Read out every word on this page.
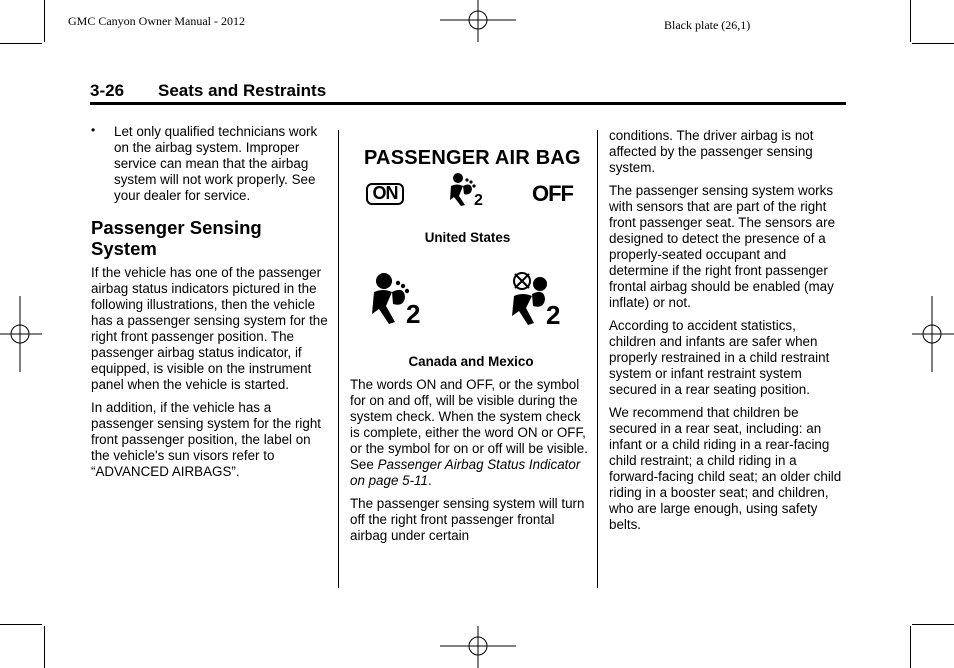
GMC Canyon Owner Manual - 2012	Black plate (26,1)
3-26 Seats and Restraints

• Let only qualified technicians work on the airbag system. Improper service can mean that the airbag system will not work properly. See your dealer for service.

Passenger Sensing System

If the vehicle has one of the passenger airbag status indicators pictured in the following illustrations, then the vehicle has a passenger sensing system for the right front passenger position. The passenger airbag status indicator, if equipped, is visible on the instrument panel when the vehicle is started.

In addition, if the vehicle has a passenger sensing system for the right front passenger position, the label on the vehicle's sun visors refer to “ADVANCED AIRBAGS”.

PASSENGER AIR BAG
ON	2 OFF
United States
2	2
Canada and Mexico

The words ON and OFF, or the symbol for on and off, will be visible during the system check. When the system check is complete, either the word ON or OFF, or the symbol for on or off will be visible. See Passenger Airbag Status Indicator on page 5-11.

The passenger sensing system will turn off the right front passenger frontal airbag under certain

conditions. The driver airbag is not affected by the passenger sensing system.

The passenger sensing system works with sensors that are part of the right front passenger seat. The sensors are designed to detect the presence of a properly-seated occupant and determine if the right front passenger frontal airbag should be enabled (may inflate) or not.

According to accident statistics, children and infants are safer when properly restrained in a child restraint system or infant restraint system secured in a rear seating position.

We recommend that children be secured in a rear seat, including: an infant or a child riding in a rear-facing child restraint; a child riding in a forward-facing child seat; an older child riding in a booster seat; and children, who are large enough, using safety belts.
